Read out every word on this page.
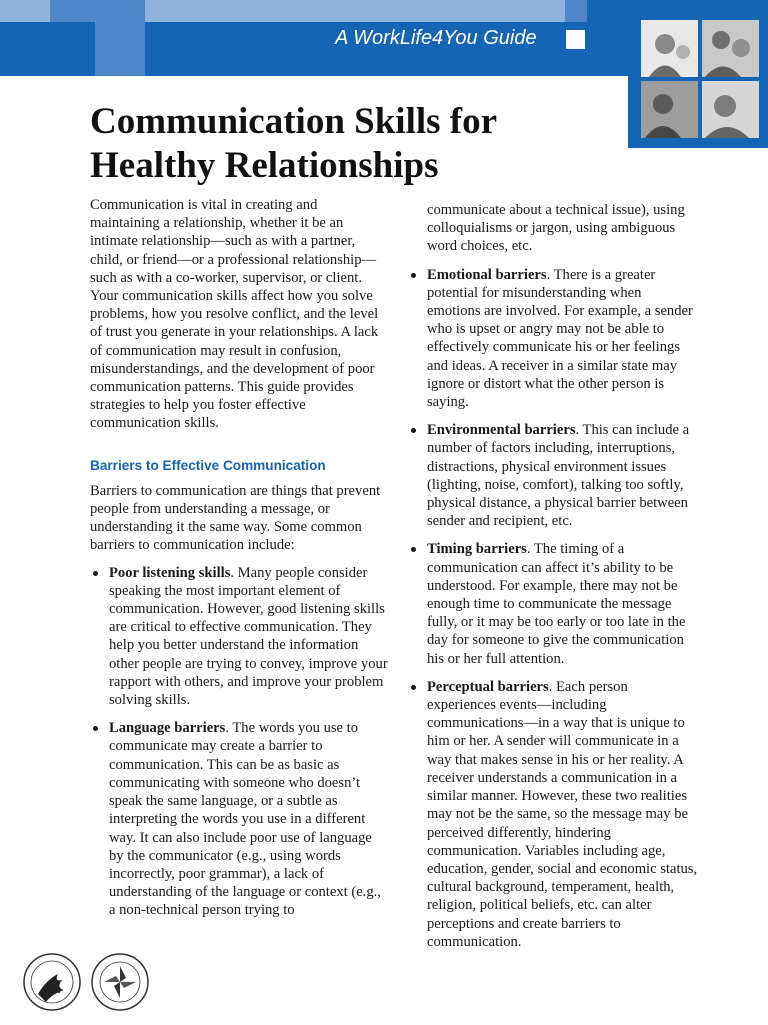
A WorkLife4You Guide
Communication Skills for
Healthy Relationships

Communication is vital in creating and maintaining a relationship, whether it be an intimate relationship—such as with a partner, child, or friend—or a professional relationship—such as with a co-worker, supervisor, or client. Your communication skills affect how you solve problems, how you resolve conflict, and the level of trust you generate in your relationships. A lack of communication may result in confusion, misunderstandings, and the development of poor communication patterns. This guide provides strategies to help you foster effective communication skills.

Barriers to Effective Communication

Barriers to communication are things that prevent people from understanding a message, or understanding it the same way. Some common barriers to communication include:

Poor listening skills. Many people consider speaking the most important element of communication. However, good listening skills are critical to effective communication. They help you better understand the information other people are trying to convey, improve your rapport with others, and improve your problem solving skills.
Language barriers. The words you use to communicate may create a barrier to communication. This can be as basic as communicating with someone who doesn’t speak the same language, or a subtle as interpreting the words you use in a different way. It can also include poor use of language by the communicator (e.g., using words incorrectly, poor grammar), a lack of understanding of the language or context (e.g., a non-technical person trying to
communicate about a technical issue), using colloquialisms or jargon, using ambiguous word choices, etc.
Emotional barriers. There is a greater potential for misunderstanding when emotions are involved. For example, a sender who is upset or angry may not be able to effectively communicate his or her feelings and ideas. A receiver in a similar state may ignore or distort what the other person is saying.
Environmental barriers. This can include a number of factors including, interruptions, distractions, physical environment issues (lighting, noise, comfort), talking too softly, physical distance, a physical barrier between sender and recipient, etc.
Timing barriers. The timing of a communication can affect it’s ability to be understood. For example, there may not be enough time to communicate the message fully, or it may be too early or too late in the day for someone to give the communication his or her full attention.
Perceptual barriers. Each person experiences events—including communications—in a way that is unique to him or her. A sender will communicate in a way that makes sense in his or her reality. A receiver understands a communication in a similar manner. However, these two realities may not be the same, so the message may be perceived differently, hindering communication. Variables including age, education, gender, social and economic status, cultural background, temperament, health, religion, political beliefs, etc. can alter perceptions and create barriers to communication.
